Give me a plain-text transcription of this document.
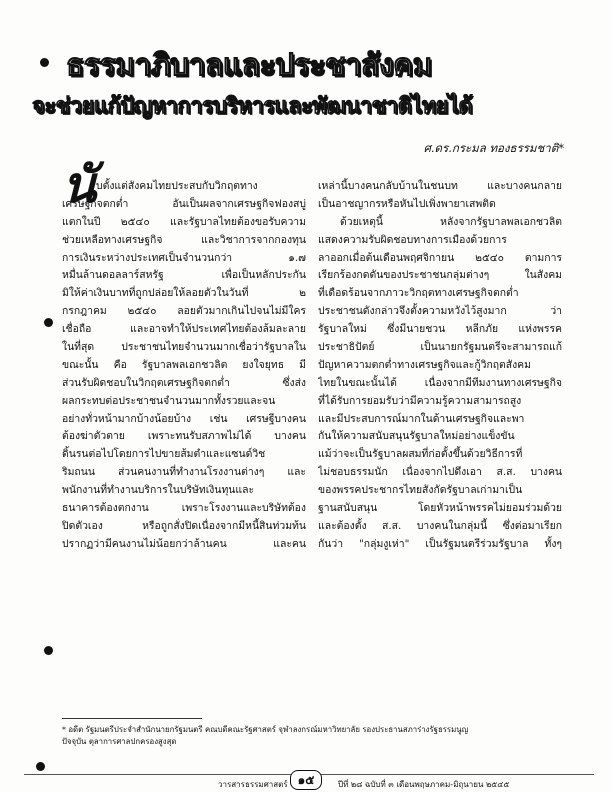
ธรรมาภิบาลและประชาสังคม
จะช่วยแก้ปัญหาการบริหารและพัฒนาชาติไทยได้
ศ.ดร.กระมล ทองธรรมชาติ*
นั บตั้งแต่สังคมไทยประสบกับวิกฤตทาง
เศรษฐกิจตกต่ำ อันเป็นผลจากเศรษฐกิจฟองสบู่
แตกในปี ๒๕๔๐ และรัฐบาลไทยต้องขอรับความ
ช่วยเหลือทางเศรษฐกิจ และวิชาการจากกองทุน
การเงินระหว่างประเทศเป็นจำนวนกว่า ๑.๗
หมื่นล้านดอลลาร์สหรัฐ เพื่อเป็นหลักประกัน
มิให้ค่าเงินบาทที่ถูกปล่อยให้ลอยตัวในวันที่ ๒
กรกฎาคม ๒๕๔๐ ลอยตัวมากเกินไปจนไม่มีใคร
เชื่อถือ และอาจทำให้ประเทศไทยต้องล้มละลาย
ในที่สุด ประชาชนไทยจำนวนมากเชื่อว่ารัฐบาลใน
ขณะนั้น คือ รัฐบาลพลเอกชวลิต ยงใจยุทธ มี
ส่วนรับผิดชอบในวิกฤตเศรษฐกิจตกต่ำ ซึ่งส่ง
ผลกระทบต่อประชาชนจำนวนมากทั้งรวยและจน
อย่างทั่วหน้ามากบ้างน้อยบ้าง เช่น เศรษฐีบางคน
ต้องฆ่าตัวตาย เพราะทนรับสภาพไม่ได้ บางคน
ดิ้นรนต่อไปโดยการไปขายส้มตำและแซนด์วิช
ริมถนน ส่วนคนงานที่ทำงานโรงงานต่างๆ และ
พนักงานที่ทำงานบริการในบริษัทเงินทุนและ
ธนาคารต้องตกงาน เพราะโรงงานและบริษัทต้อง
ปิดตัวเอง หรือถูกสั่งปิดเนื่องจากมีหนี้สินท่วมท้น
ปรากฏว่ามีคนงานไม่น้อยกว่าล้านคน และคน
เหล่านี้บางคนกลับบ้านในชนบท และบางคนกลาย
เป็นอาชญากรหรือหันไปเพิ่งพายาเสพติด
ด้วยเหตุนี้ หลังจากรัฐบาลพลเอกชวลิต
แสดงความรับผิดชอบทางการเมืองด้วยการ
ลาออกเมื่อต้นเดือนพฤศจิกายน ๒๕๔๐ ตามการ
เรียกร้องกดดันของประชาชนกลุ่มต่างๆ ในสังคม
ที่เดือดร้อนจากภาวะวิกฤตทางเศรษฐกิจตกต่ำ
ประชาชนดังกล่าวจึงตั้งความหวังไว้สูงมาก ว่า
รัฐบาลใหม่ ซึ่งมีนายชวน หลีกภัย แห่งพรรค
ประชาธิปัตย์ เป็นนายกรัฐมนตรีจะสามารถแก้
ปัญหาความตกต่ำทางเศรษฐกิจและกู้วิกฤตสังคม
ไทยในขณะนั้นได้ เนื่องจากมีทีมงานทางเศรษฐกิจ
ที่ได้รับการยอมรับว่ามีความรู้ความสามารถสูง
และมีประสบการณ์มากในด้านเศรษฐกิจและพา
กันให้ความสนับสนุนรัฐบาลใหม่อย่างแข็งขัน
แม้ว่าจะเป็นรัฐบาลผสมที่ก่อตั้งขึ้นด้วยวิธีการที่
ไม่ชอบธรรมนัก เนื่องจากไปดึงเอา ส.ส. บางคน
ของพรรคประชากรไทยสังกัดรัฐบาลเก่ามาเป็น
ฐานสนับสนุน โดยหัวหน้าพรรคไม่ยอมร่วมด้วย
และต้องตั้ง ส.ส. บางคนในกลุ่มนี้ ซึ่งต่อมาเรียก
กันว่า "กลุ่มงูเห่า" เป็นรัฐมนตรีร่วมรัฐบาล ทั้งๆ
* อดีต รัฐมนตรีประจำสำนักนายกรัฐมนตรี คณบดีคณะรัฐศาสตร์ จุฬาลงกรณ์มหาวิทยาลัย รองประธานสภาร่างรัฐธรรมนูญ
ปัจจุบัน ตุลาการศาลปกครองสูงสุด
วารสารธรรมศาสตร์ ๑๕	ปีที่ ๒๘ ฉบับที่ ๓ เดือนพฤษภาคม-มิถุนายน ๒๕๔๕
